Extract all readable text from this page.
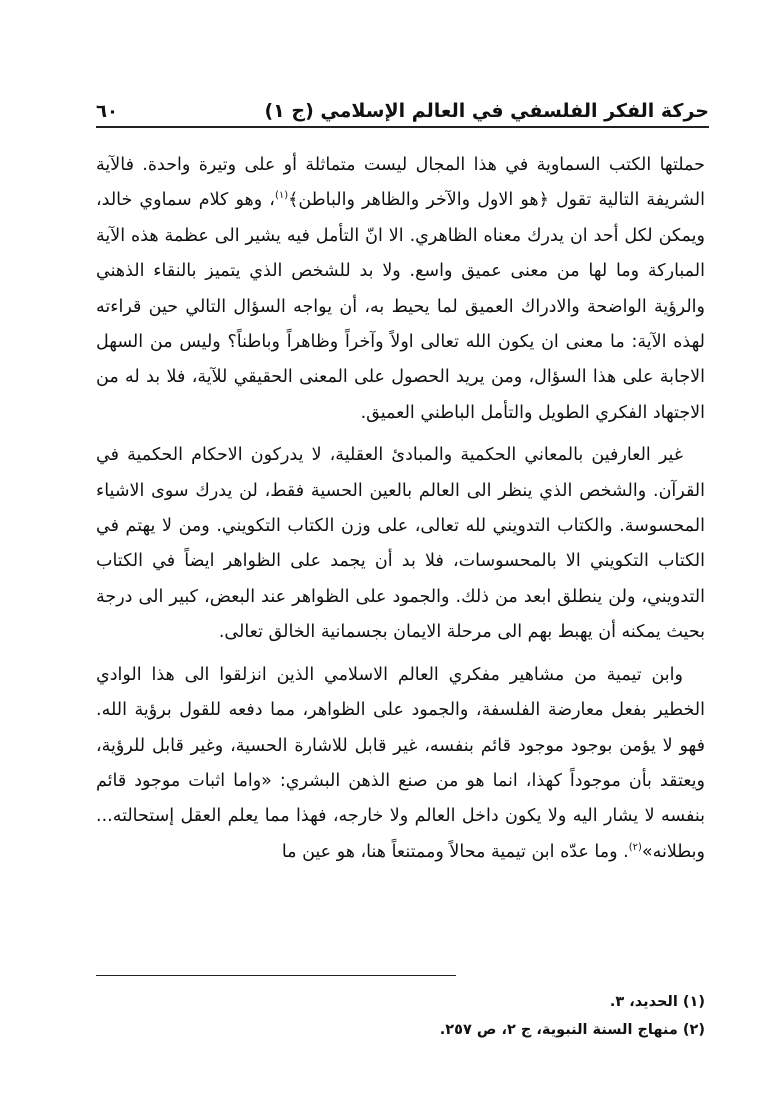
حركة الفكر الفلسفي في العالم الإسلامي (ج ١)
٦٠

حملتها الكتب السماوية في هذا المجال ليست متماثلة أو على وتيرة واحدة. فالآية الشريفة التالية تقول ﴿هو الاول والآخر والظاهر والباطن﴾$^{(١)}$، وهو كلام سماوي خالد، ويمكن لكل أحد ان يدرك معناه الظاهري. الا انّ التأمل فيه يشير الى عظمة هذه الآية المباركة وما لها من معنى عميق واسع. ولا بد للشخص الذي يتميز بالنقاء الذهني والرؤية الواضحة والادراك العميق لما يحيط به، أن يواجه السؤال التالي حين قراءته لهذه الآية: ما معنى ان يكون الله تعالى اولاً وآخراً وظاهراً وباطناً؟ وليس من السهل الاجابة على هذا السؤال، ومن يريد الحصول على المعنى الحقيقي للآية، فلا بد له من الاجتهاد الفكري الطويل والتأمل الباطني العميق.

غير العارفين بالمعاني الحكمية والمبادئ العقلية، لا يدركون الاحكام الحكمية في القرآن. والشخص الذي ينظر الى العالم بالعين الحسية فقط، لن يدرك سوى الاشياء المحسوسة. والكتاب التدويني لله تعالى، على وزن الكتاب التكويني. ومن لا يهتم في الكتاب التكويني الا بالمحسوسات، فلا بد أن يجمد على الظواهر ايضاً في الكتاب التدويني، ولن ينطلق ابعد من ذلك. والجمود على الظواهر عند البعض، كبير الى درجة بحيث يمكنه أن يهبط بهم الى مرحلة الايمان بجسمانية الخالق تعالى.

وابن تيمية من مشاهير مفكري العالم الاسلامي الذين انزلقوا الى هذا الوادي الخطير بفعل معارضة الفلسفة، والجمود على الظواهر، مما دفعه للقول برؤية الله. فهو لا يؤمن بوجود موجود قائم بنفسه، غير قابل للاشارة الحسية، وغير قابل للرؤية، ويعتقد بأن موجوداً كهذا، انما هو من صنع الذهن البشري: «واما اثبات موجود قائم بنفسه لا يشار اليه ولا يكون داخل العالم ولا خارجه، فهذا مما يعلم العقل إستحالته... وبطلانه»$^{(٢)}$. وما عدّه ابن تيمية محالاً وممتنعاً هنا، هو عين ما

(١) الحديد، ٣.
(٢) منهاج السنة النبوية، ج ٢، ص ٢٥٧.
